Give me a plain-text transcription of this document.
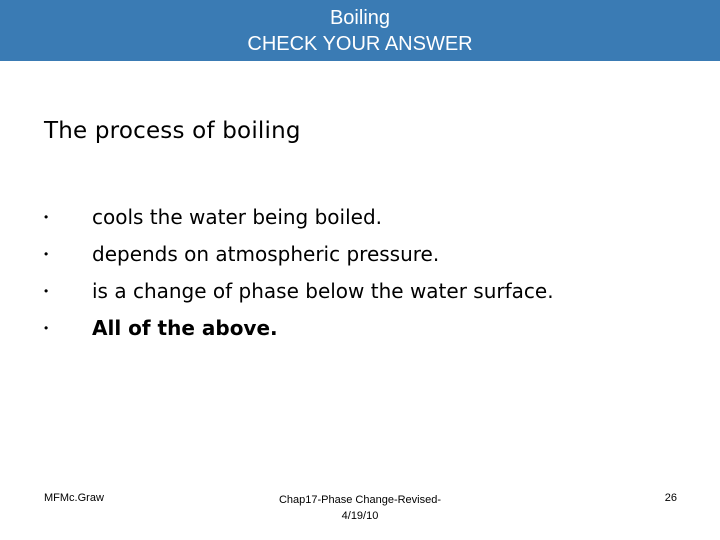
Boiling
CHECK YOUR ANSWER
The process of boiling
• cools the water being boiled.
• depends on atmospheric pressure.
• is a change of phase below the water surface.
• All of the above.
MFMc.Graw	Chap17-Phase Change-Revised-
4/19/10
26
